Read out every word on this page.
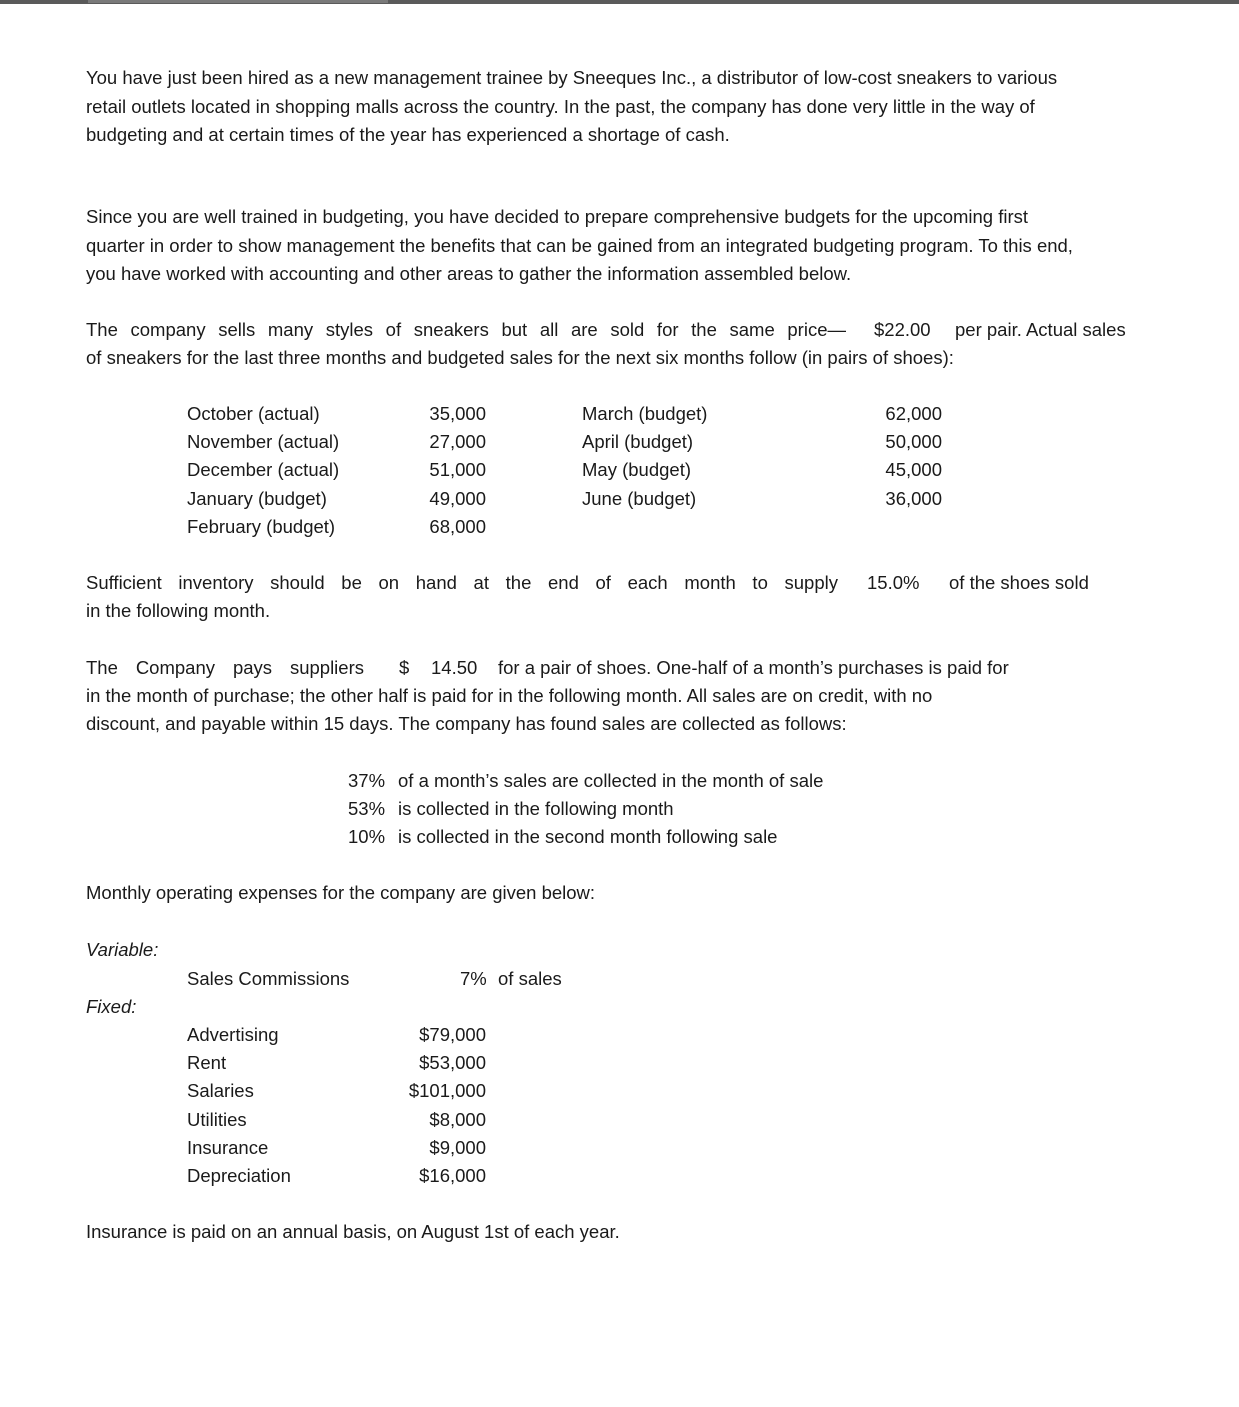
You have just been hired as a new management trainee by Sneeques Inc., a distributor of low-cost sneakers to various
retail outlets located in shopping malls across the country. In the past, the company has done very little in the way of
budgeting and at certain times of the year has experienced a shortage of cash.
Since you are well trained in budgeting, you have decided to prepare comprehensive budgets for the upcoming first
quarter in order to show management the benefits that can be gained from an integrated budgeting program. To this end,
you have worked with accounting and other areas to gather the information assembled below.
The company sells many styles of sneakers but all are sold for the same price— $22.00 per pair. Actual sales
of sneakers for the last three months and budgeted sales for the next six months follow (in pairs of shoes):
October (actual)
November (actual)
December (actual)
January (budget)
February (budget)
35,000
27,000
51,000
49,000
68,000
March (budget)
April (budget)
May (budget)
June (budget)
62,000
50,000
45,000
36,000
Sufficient inventory should be on hand at the end of each month to supply 15.0% of the shoes sold
in the following month.
The Company pays suppliers $ 14.50 for a pair of shoes. One-half of a month’s purchases is paid for
in the month of purchase; the other half is paid for in the following month. All sales are on credit, with no
discount, and payable within 15 days. The company has found sales are collected as follows:
37%
53%
10%
of a month’s sales are collected in the month of sale
is collected in the following month
is collected in the second month following sale
Monthly operating expenses for the company are given below:
Variable:
Sales Commissions	7% of sales
Fixed:
Advertising
Rent
Salaries
Utilities
Insurance
Depreciation
$79,000
$53,000
$101,000
$8,000
$9,000
$16,000
Insurance is paid on an annual basis, on August 1st of each year.
